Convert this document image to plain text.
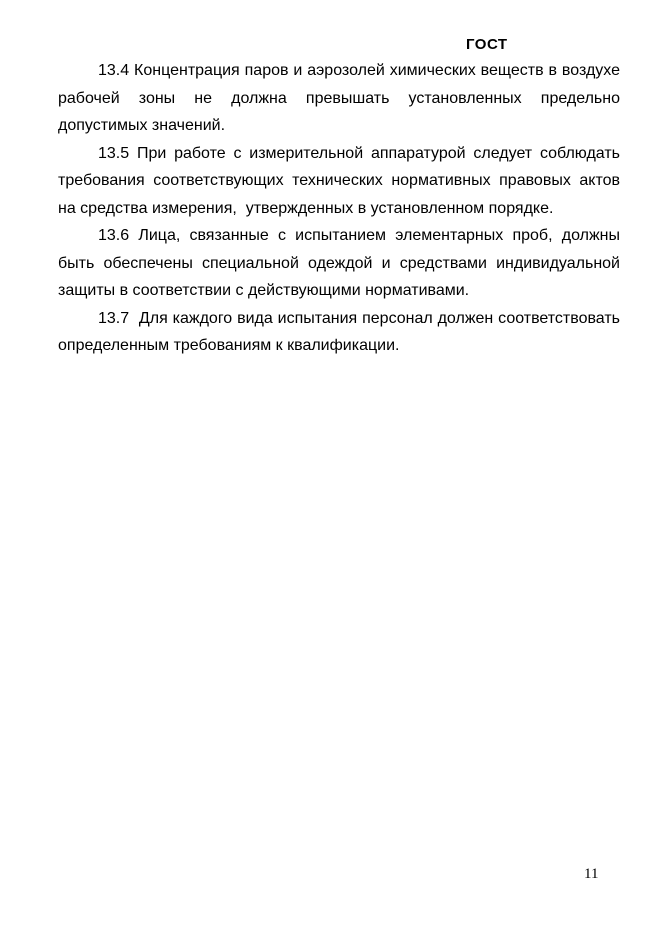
ГОСТ

13.4 Концентрация паров и аэрозолей химических веществ в воздухе рабочей зоны не должна превышать установленных предельно допустимых значений.

13.5 При работе с измерительной аппаратурой следует соблюдать требования соответствующих технических нормативных правовых актов на средства измерения,  утвержденных в установленном порядке.

13.6 Лица, связанные с испытанием элементарных проб, должны быть обеспечены специальной одеждой и средствами индивидуальной защиты в соответствии с действующими нормативами.

13.7  Для каждого вида испытания персонал должен соответствовать определенным требованиям к квалификации.

11
